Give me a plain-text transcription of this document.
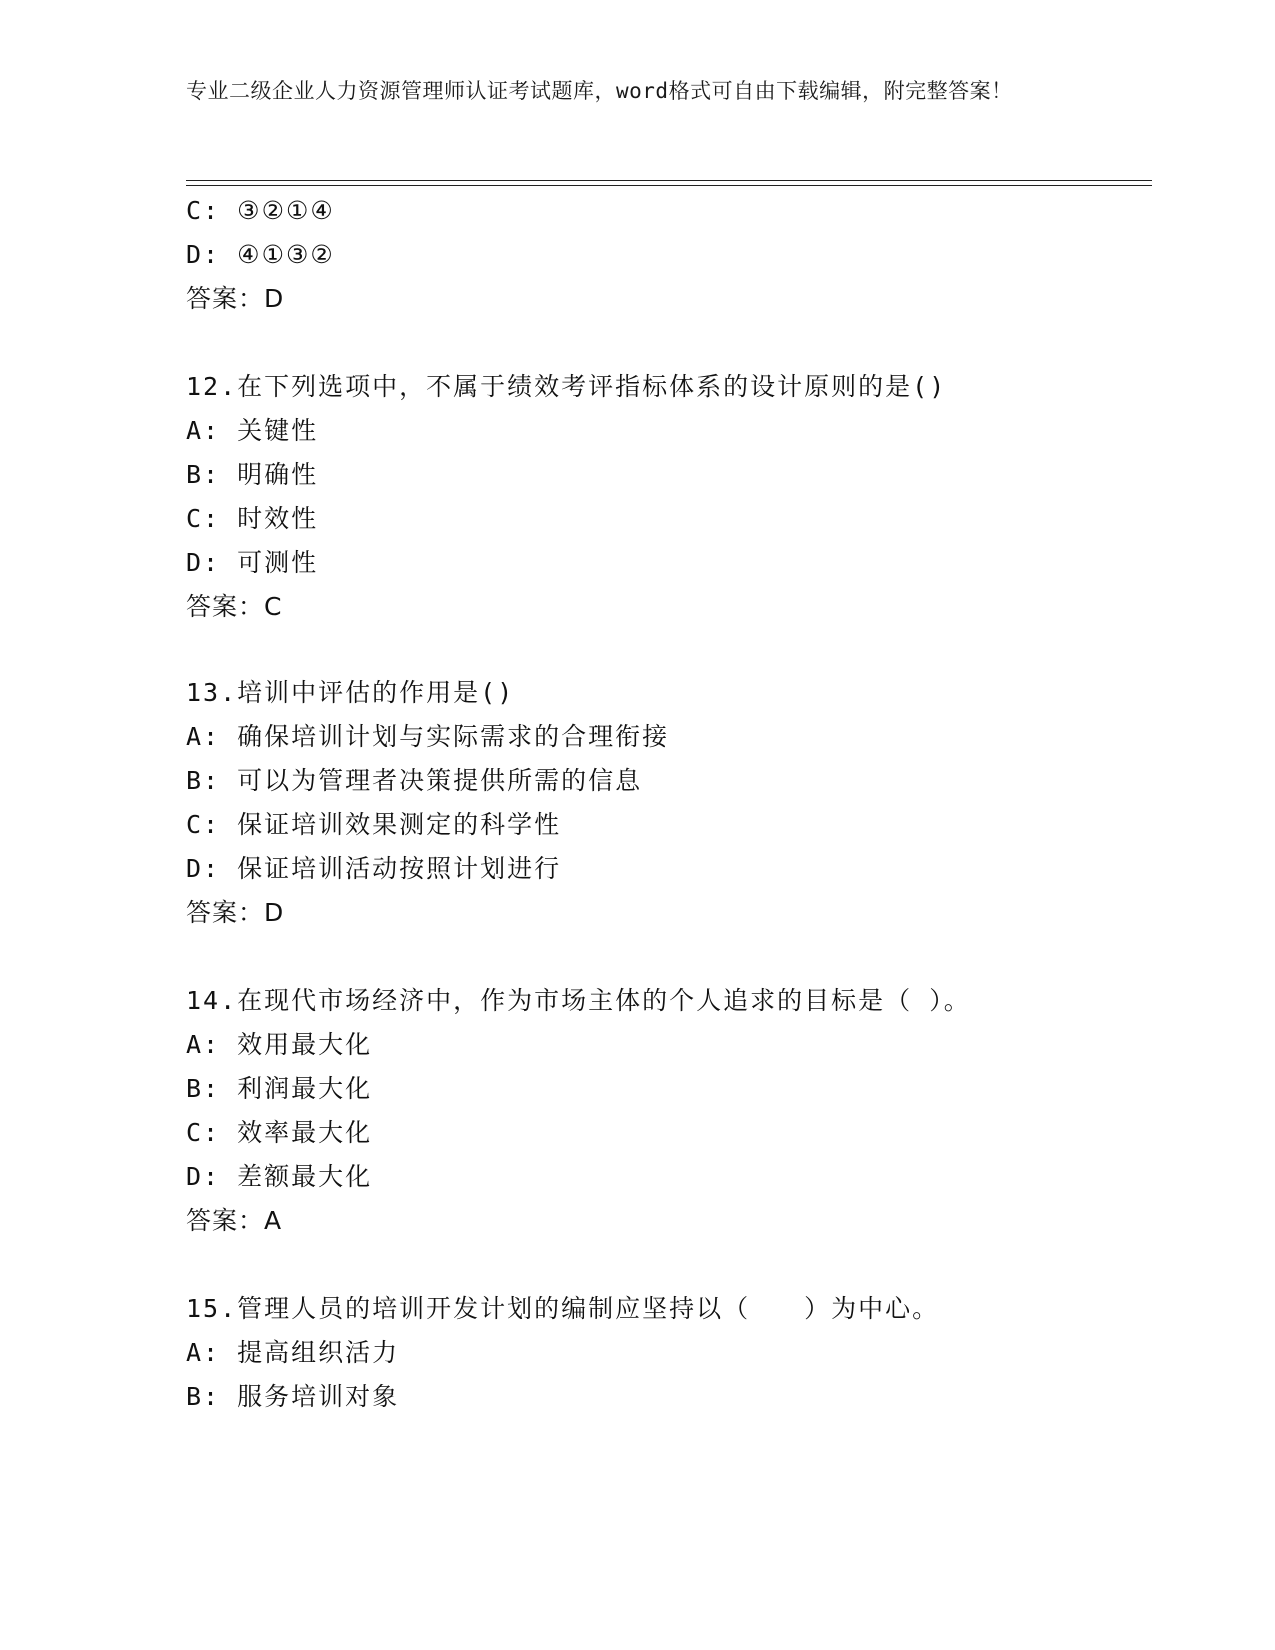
专业二级企业人力资源管理师认证考试题库，word格式可自由下载编辑，附完整答案！
C: ③②①④
D: ④①③②
答案：D
12.在下列选项中，不属于绩效考评指标体系的设计原则的是()
A: 关键性
B: 明确性
C: 时效性
D: 可测性
答案：C
13.培训中评估的作用是()
A: 确保培训计划与实际需求的合理衔接
B: 可以为管理者决策提供所需的信息
C: 保证培训效果测定的科学性
D: 保证培训活动按照计划进行
答案：D
14.在现代市场经济中，作为市场主体的个人追求的目标是（ ）。
A: 效用最大化
B: 利润最大化
C: 效率最大化
D: 差额最大化
答案：A
15.管理人员的培训开发计划的编制应坚持以（　　）为中心。
A: 提高组织活力
B: 服务培训对象
